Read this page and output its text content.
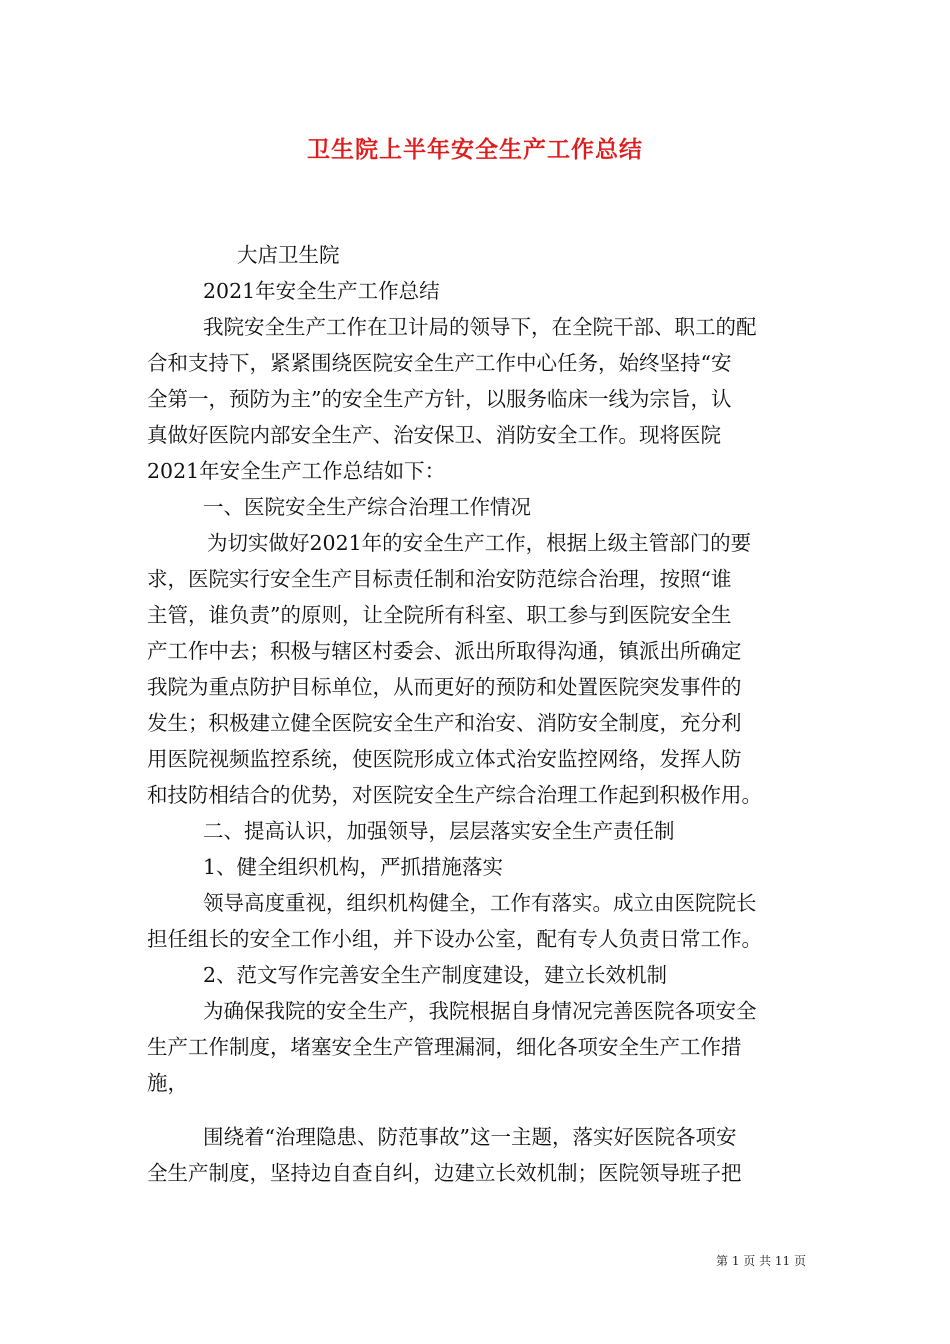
卫生院上半年安全生产工作总结
大店卫生院
2021年安全生产工作总结
我院安全生产工作在卫计局的领导下，在全院干部、职工的配
合和支持下，紧紧围绕医院安全生产工作中心任务，始终坚持“安
全第一，预防为主”的安全生产方针，以服务临床一线为宗旨，认
真做好医院内部安全生产、治安保卫、消防安全工作。现将医院
2021年安全生产工作总结如下：
一、医院安全生产综合治理工作情况
为切实做好2021年的安全生产工作，根据上级主管部门的要
求，医院实行安全生产目标责任制和治安防范综合治理，按照“谁
主管，谁负责”的原则，让全院所有科室、职工参与到医院安全生
产工作中去；积极与辖区村委会、派出所取得沟通，镇派出所确定
我院为重点防护目标单位，从而更好的预防和处置医院突发事件的
发生；积极建立健全医院安全生产和治安、消防安全制度，充分利
用医院视频监控系统，使医院形成立体式治安监控网络，发挥人防
和技防相结合的优势，对医院安全生产综合治理工作起到积极作用。
二、提高认识，加强领导，层层落实安全生产责任制
1、健全组织机构，严抓措施落实
领导高度重视，组织机构健全，工作有落实。成立由医院院长
担任组长的安全工作小组，并下设办公室，配有专人负责日常工作。
2、范文写作完善安全生产制度建设，建立长效机制
为确保我院的安全生产，我院根据自身情况完善医院各项安全
生产工作制度，堵塞安全生产管理漏洞，细化各项安全生产工作措
施，
围绕着“治理隐患、防范事故”这一主题，落实好医院各项安
全生产制度，坚持边自查自纠，边建立长效机制；医院领导班子把
第 1 页 共 11 页
